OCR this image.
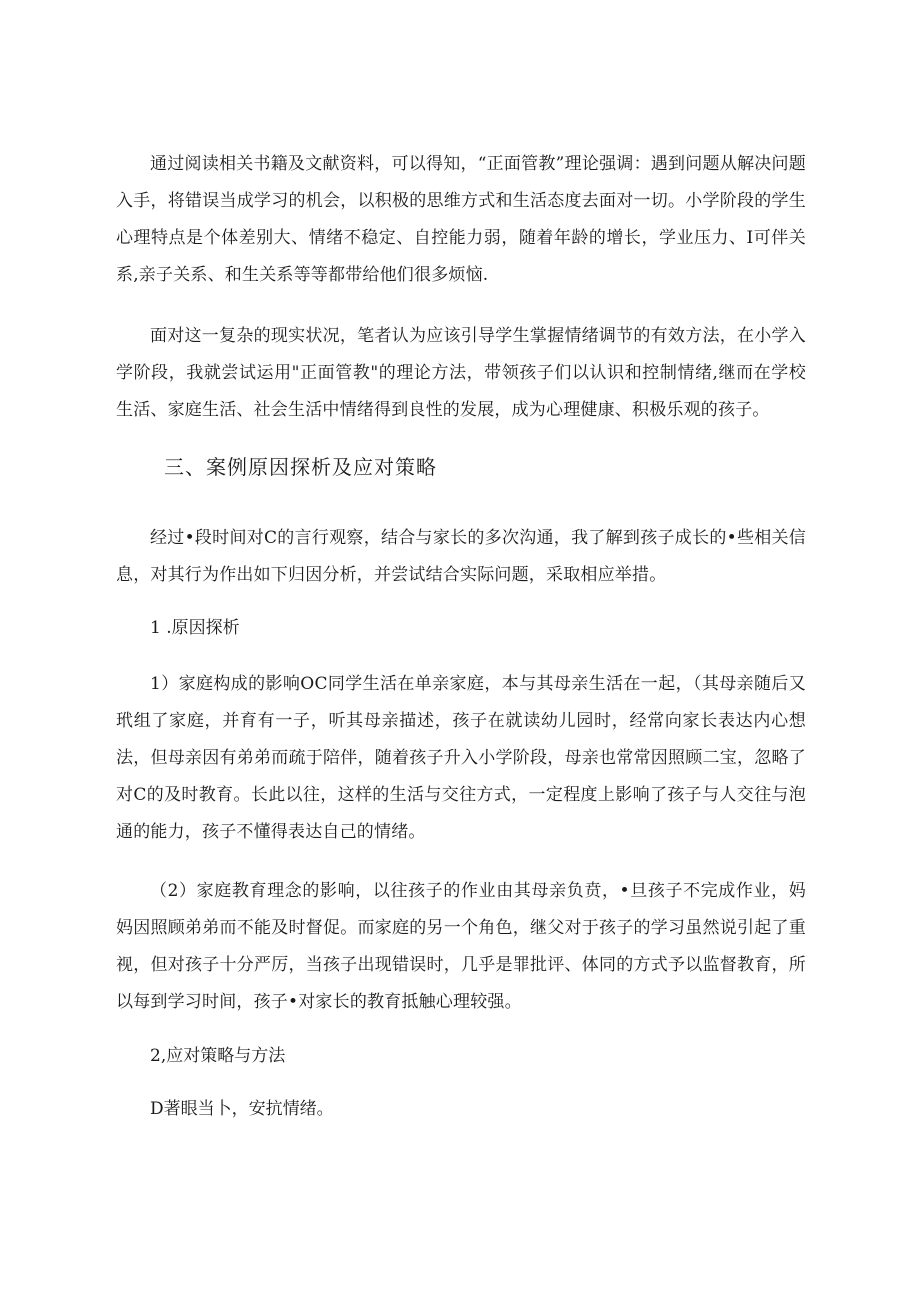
通过阅读相关书籍及文献资料，可以得知，“正面管教”理论强调：遇到问题从解决问题入手，将错误当成学习的机会，以积极的思维方式和生活态度去面对一切。小学阶段的学生心理特点是个体差别大、情绪不稳定、自控能力弱，随着年龄的增长，学业压力、I可伴关系,亲子关系、和生关系等等都带给他们很多烦恼.

面对这一复杂的现实状况，笔者认为应该引导学生掌握情绪调节的有效方法，在小学入学阶段，我就尝试运用"正面管教"的理论方法，带领孩子们以认识和控制情绪,继而在学校生活、家庭生活、社会生活中情绪得到良性的发展，成为心理健康、积极乐观的孩子。

三、案例原因探析及应对策略

经过•段时间对C的言行观察，结合与家长的多次沟通，我了解到孩子成长的•些相关信息，对其行为作出如下归因分析，并尝试结合实际问题，采取相应举措。

1 .原因探析

1）家庭构成的影响OC同学生活在单亲家庭，本与其母亲生活在一起，（其母亲随后又玳组了家庭，并育有一子，听其母亲描述，孩子在就读幼儿园时，经常向家长表达内心想法，但母亲因有弟弟而疏于陪伴，随着孩子升入小学阶段，母亲也常常因照顾二宝，忽略了对C的及时教育。长此以往，这样的生活与交往方式，一定程度上影响了孩子与人交往与泡通的能力，孩子不懂得表达自己的情绪。

（2）家庭教育理念的影响，以往孩子的作业由其母亲负贲，•旦孩子不完成作业，妈妈因照顾弟弟而不能及时督促。而家庭的另一个角色，继父对于孩子的学习虽然说引起了重视，但对孩子十分严厉，当孩子出现错误时，几乎是罪批评、体同的方式予以监督教育，所以每到学习时间，孩子•对家长的教育抵触心理较强。

2,应对策略与方法
D著眼当卜，安抗情绪。
